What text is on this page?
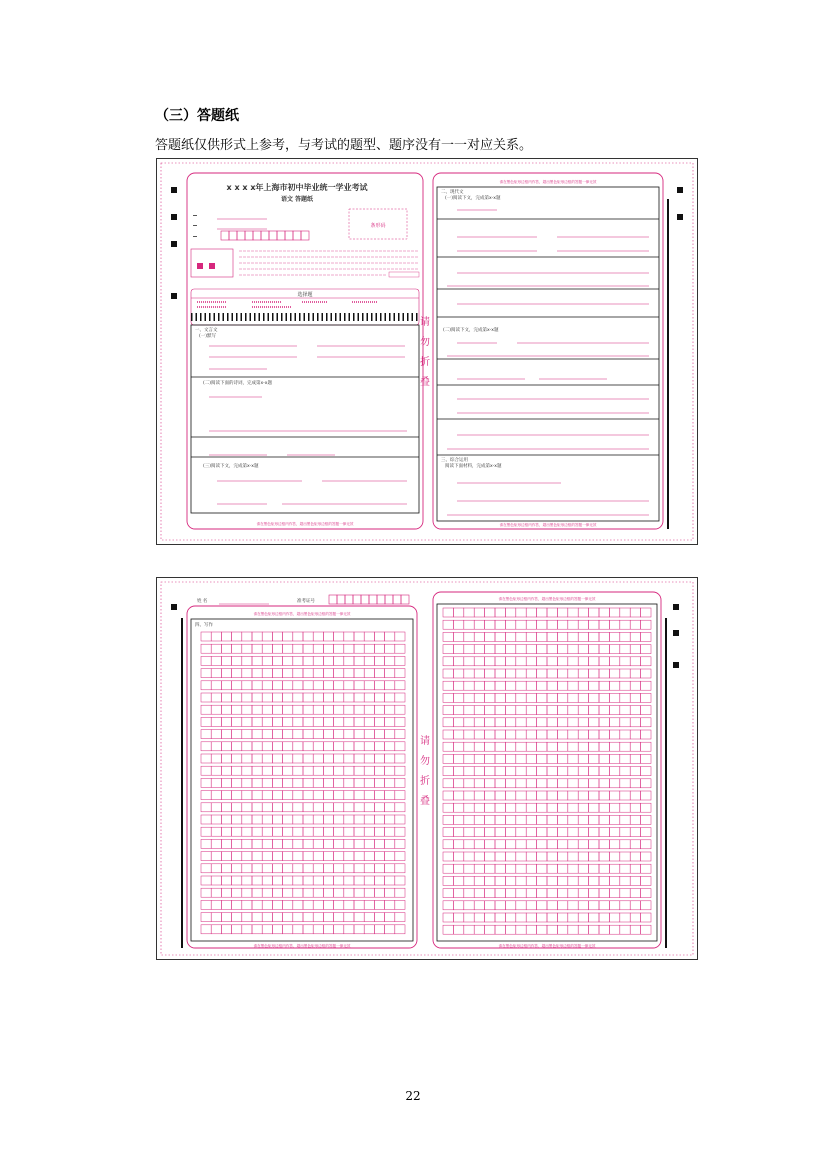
（三）答题纸
答题纸仅供形式上参考，与考试的题型、题序没有一一对应关系。
x x x x年上海市初中毕业统一学业考试
语文 答题纸
条形码
选择题
一、文言文
(一)默写
(二)阅读下面的诗词，完成第x-x题
(三)阅读下文，完成第x-x题
请在黑色矩形边框内作答，超出黑色矩形边框的答题一律无效
请
勿
折
叠
请在黑色矩形边框内作答，超出黑色矩形边框的答题一律无效
二、现代文
(一)阅读下文，完成第x-x题
(二)阅读下文，完成第x-x题
三、综合运用
阅读下面材料，完成第x-x题
请在黑色矩形边框内作答，超出黑色矩形边框的答题一律无效
姓 名	准考证号
请在黑色矩形边框内作答，超出黑色矩形边框的答题一律无效
四、写作
请在黑色矩形边框内作答，超出黑色矩形边框的答题一律无效
请
勿
折
叠
请在黑色矩形边框内作答，超出黑色矩形边框的答题一律无效
请在黑色矩形边框内作答，超出黑色矩形边框的答题一律无效
22
